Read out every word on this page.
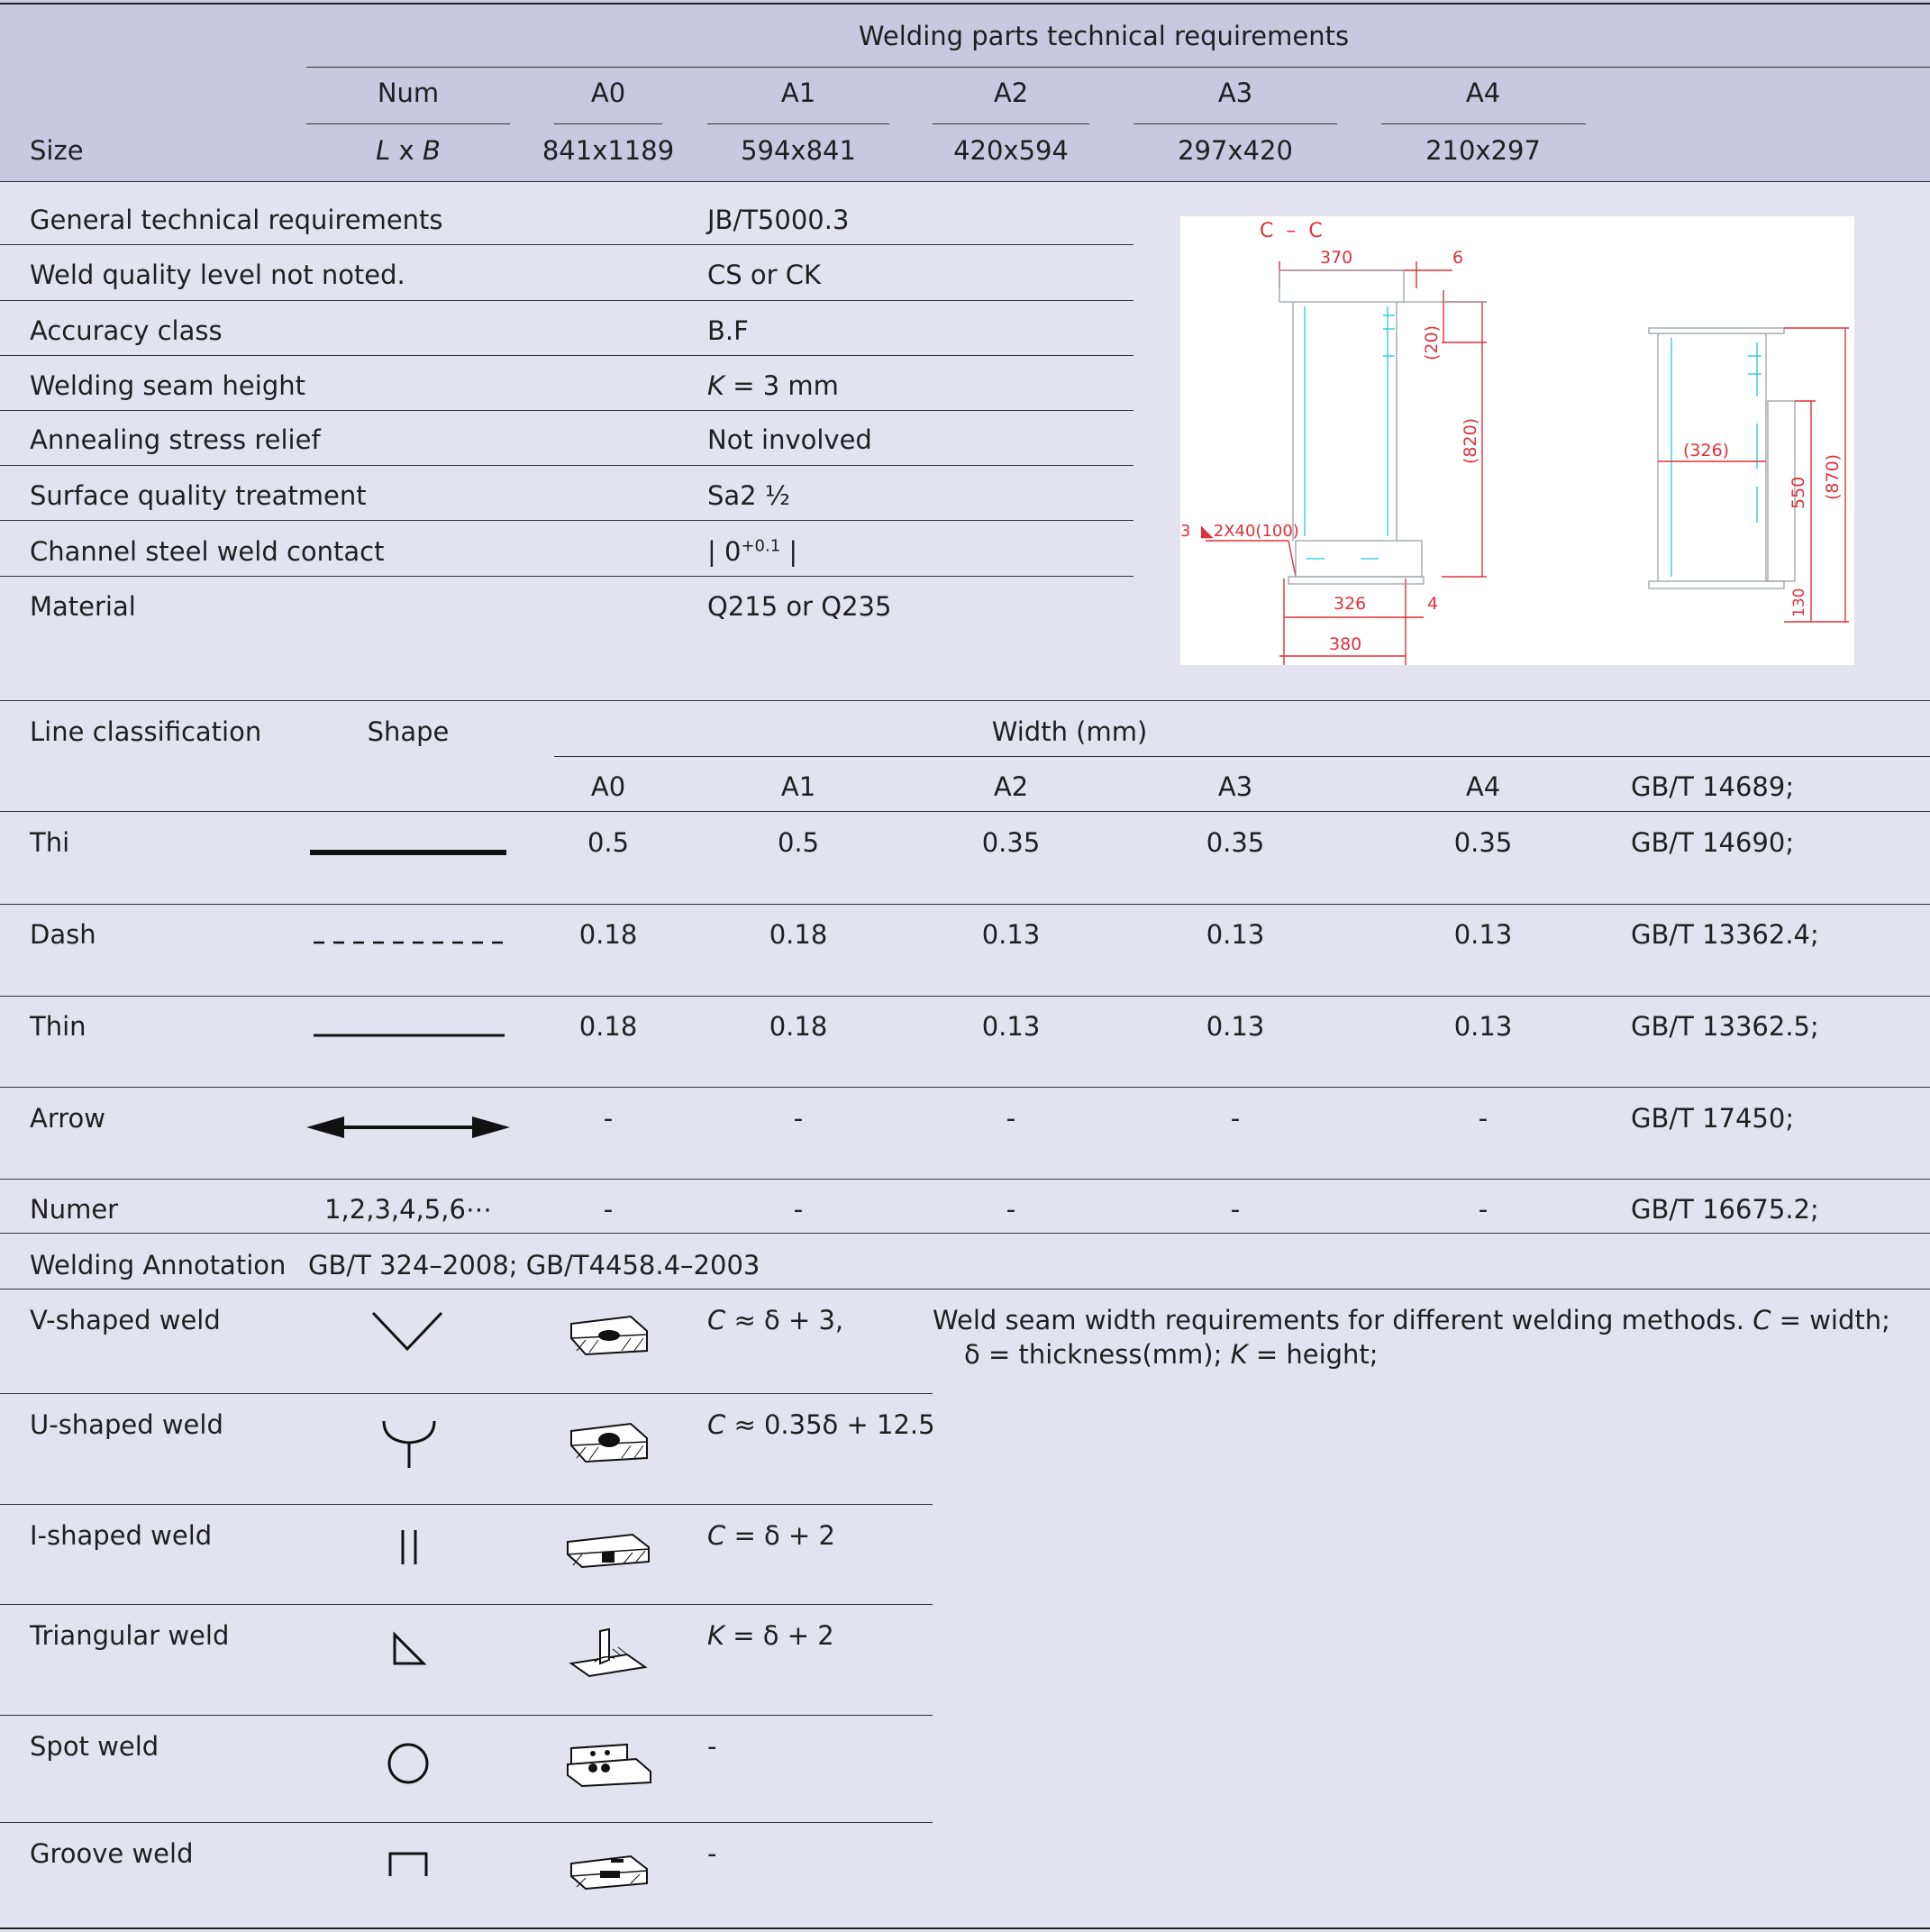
Welding parts technical requirements
Num	A0	A1	A2	A3	A4
Size	L x B	841x1189	594x841	420x594	297x420	210x297
General technical requirements	JB/T5000.3
Weld quality level not noted.	CS or CK
Accuracy class	B.F
Welding seam height	K = 3 mm
Annealing stress relief	Not involved
Surface quality treatment	Sa2 ½
Channel steel weld contact	| $0^{+0.1}$ |
Material	Q215 or Q235
C  –  C
370	6
(20)
(820)
3  ◣2X40(100)
326	4
380
(326)
550 (870)
130
Line classification	Shape	Width (mm)
A0	A1	A2	A3	A4	GB/T 14689;
Thi	0.5	0.5	0.35	0.35	0.35	GB/T 14690;
Dash	0.18	0.18	0.13	0.13	0.13	GB/T 13362.4;
Thin	0.18	0.18	0.13	0.13	0.13	GB/T 13362.5;
Arrow	-	-	-	-	-	GB/T 17450;
Numer	1,2,3,4,5,6⋯	-	-	-	-	-	GB/T 16675.2;
Welding Annotation GB/T 324–2008; GB/T4458.4–2003
Weld seam width requirements for different welding methods. C = width;
δ = thickness(mm); K = height;
V-shaped weld	C ≈ δ + 3,
U-shaped weld	C ≈ 0.35δ + 12.5
I-shaped weld	C = δ + 2
Triangular weld	K = δ + 2
Spot weld	-
Groove weld	-
